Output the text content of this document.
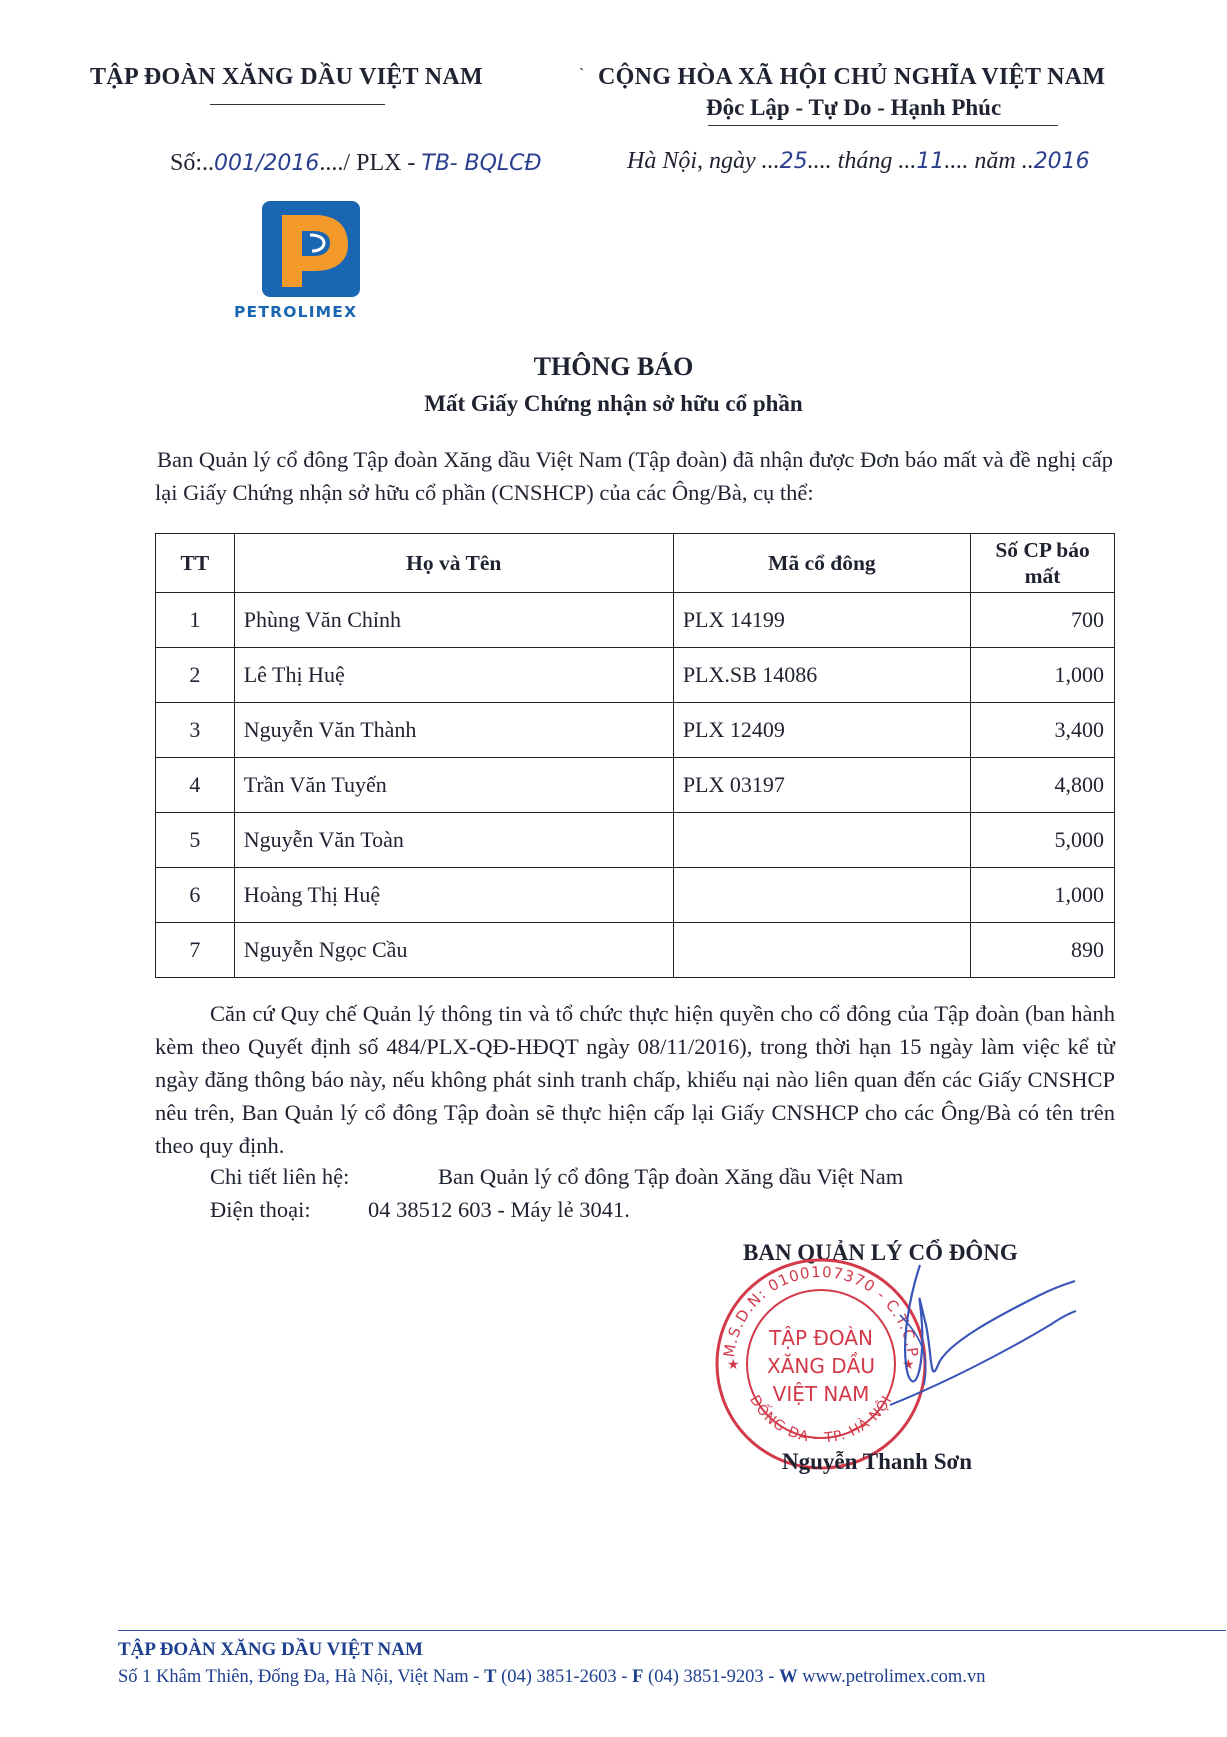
TẬP ĐOÀN XĂNG DẦU VIỆT NAM	ˋ CỘNG HÒA XÃ HỘI CHỦ NGHĨA VIỆT NAM
Độc Lập - Tự Do - Hạnh Phúc
Số:..001/2016..../ PLX - TB- BQLCĐ	Hà Nội, ngày ...25.... tháng ...11.... năm ..2016
PETROLIMEX
THÔNG BÁO
Mất Giấy Chứng nhận sở hữu cổ phần
Ban Quản lý cổ đông Tập đoàn Xăng dầu Việt Nam (Tập đoàn) đã nhận được Đơn báo mất và đề nghị cấp lại Giấy Chứng nhận sở hữu cổ phần (CNSHCP) của các Ông/Bà, cụ thể:
TT	Họ và Tên	Mã cổ đông	Số CP báo mất
1	Phùng Văn Chỉnh	PLX 14199	700
2	Lê Thị Huệ	PLX.SB 14086	1,000
3	Nguyễn Văn Thành	PLX 12409	3,400
4	Trần Văn Tuyến	PLX 03197	4,800
5	Nguyễn Văn Toàn		5,000
6	Hoàng Thị Huệ		1,000
7	Nguyễn Ngọc Cầu		890
Căn cứ Quy chế Quản lý thông tin và tổ chức thực hiện quyền cho cổ đông của Tập đoàn (ban hành kèm theo Quyết định số 484/PLX-QĐ-HĐQT ngày 08/11/2016), trong thời hạn 15 ngày làm việc kể từ ngày đăng thông báo này, nếu không phát sinh tranh chấp, khiếu nại nào liên quan đến các Giấy CNSHCP nêu trên, Ban Quản lý cổ đông Tập đoàn sẽ thực hiện cấp lại Giấy CNSHCP cho các Ông/Bà có tên trên theo quy định.
Chi tiết liên hệ:	Ban Quản lý cổ đông Tập đoàn Xăng dầu Việt Nam
Điện thoại:	04 38512 603 - Máy lẻ 3041.
BAN QUẢN LÝ CỔ ĐÔNG
M.S.D.N: 0100107370 - C.T.C.P
ĐỐNG ĐA - TP. HÀ NỘI
TẬP ĐOÀN
XĂNG DẦU
VIỆT NAM
★	★
Nguyễn Thanh Sơn
TẬP ĐOÀN XĂNG DẦU VIỆT NAM
Số 1 Khâm Thiên, Đống Đa, Hà Nội, Việt Nam - T (04) 3851-2603 - F (04) 3851-9203 - W www.petrolimex.com.vn
